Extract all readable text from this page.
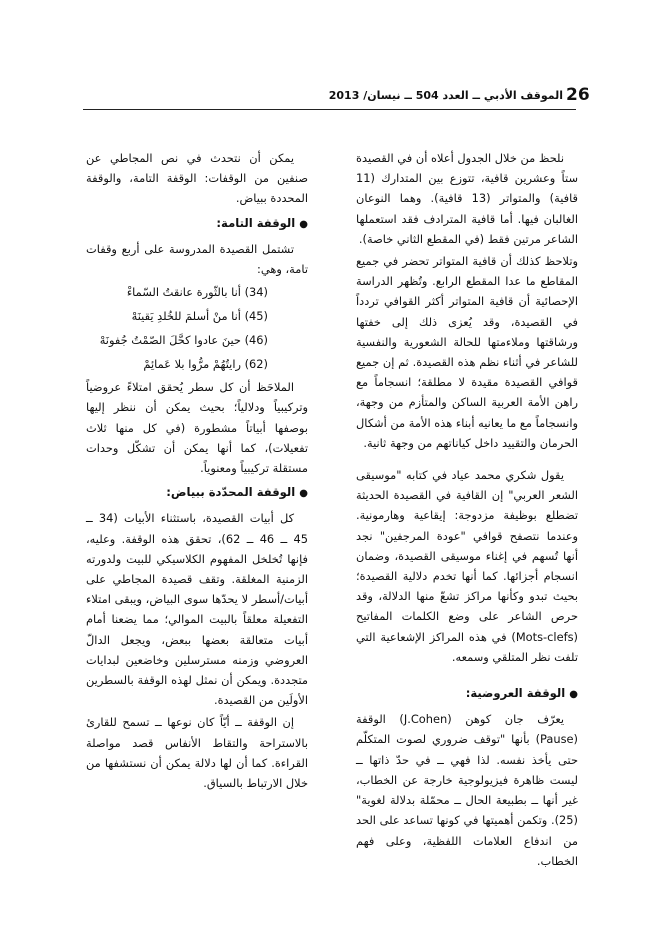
26
الموقف الأدبي ــ العدد 504 ــ نيسان/ 2013

نلحظ من خلال الجدول أعلاه أن في القصيدة ستاً وعشرين قافية، تتوزع بين المتدارك (11 قافية) والمتواتر (13 قافية). وهما النوعان الغالبان فيها. أما قافية المترادف فقد استعملها الشاعر مرتين فقط (في المقطع الثاني خاصة).

وتلاحظ كذلك أن قافية المتواتر تحضر في جميع المقاطع ما عدا المقطع الرابع. وتُظهر الدراسة الإحصائية أن قافية المتواتر أكثر القوافي تردداً في القصيدة، وقد يُعزى ذلك إلى خفتها ورشاقتها وملاءمتها للحالة الشعورية والنفسية للشاعر في أثناء نظم هذه القصيدة. ثم إن جميع قوافي القصيدة مقيدة لا مطلقة؛ انسجاماً مع راهن الأمة العربية الساكن والمتأزم من وجهة، وانسجاماً مع ما يعانيه أبناء هذه الأمة من أشكال الحرمان والتقييد داخل كياناتهم من وجهة ثانية.

يقول شكري محمد عياد في كتابه "موسيقى الشعر العربي" إن القافية في القصيدة الحديثة تضطلع بوظيفة مزدوجة: إيقاعية وهارمونية. وعندما نتصفح قوافي "عودة المرجفين" نجد أنها تُسهم في إغناء موسيقى القصيدة، وضمان انسجام أجزائها. كما أنها تخدم دلالية القصيدة؛ بحيث تبدو وكأنها مراكز تشعّ منها الدلالة، وقد حرص الشاعر على وضع الكلمات المفاتيح (Mots-clefs) في هذه المراكز الإشعاعية التي تلفت نظر المتلقي وسمعه.

●الوقفة العروضية:

يعرّف جان كوهن (J.Cohen) الوقفة (Pause) بأنها "توقف ضروري لصوت المتكلّم حتى يأخذ نفسه. لذا فهي ــ في حدّ ذاتها ــ ليست ظاهرة فيزيولوجية خارجة عن الخطاب، غير أنها ــ بطبيعة الحال ــ محمّلة بدلالة لغوية"(25). وتكمن أهميتها في كونها تساعد على الحد من اندفاع العلامات اللفظية، وعلى فهم الخطاب.

يمكن أن نتحدث في نص المجاطي عن صنفين من الوقفات: الوقفة التامة، والوقفة المحددة ببياض.

●الوقفة التامة:

تشتمل القصيدة المدروسة على أربع وقفات تامة، وهي:

(34) أنا بالثّورة عانقتُ السّماءْ
(45) أنا منْ أسلمَ للخُلدِ يَقينَهْ
(46) حينَ عادوا كحَّلَ الصّمْتُ جُفونَهْ
(62) رايتُهُمْ مرُّوا بلا عَمائِمْ

الملاحَظ أن كل سطر يُحقق امتلاءً عروضياً وتركيبياً ودلالياً؛ بحيث يمكن أن ننظر إليها بوصفها أبياتاً مشطورة (في كل منها ثلاث تفعيلات)، كما أنها يمكن أن تشكّل وحدات مستقلة تركيبياً ومعنوياً.

●الوقفة المحدّدة ببياض:

كل أبيات القصيدة، باستثناء الأبيات (34 ــ 45 ــ 46 ــ 62)، تحقق هذه الوقفة. وعليه، فإنها تُخلخل المفهوم الكلاسيكي للبيت ولدورته الزمنية المغلقة. وتقف قصيدة المجاطي على أبيات/أسطر لا يحدّها سوى البياض، ويبقى امتلاء التفعيلة معلقاً بالبيت الموالي؛ مما يضعنا أمام أبيات متعالقة بعضها ببعض، ويجعل الدالّ العروضي وزمنه مسترسلين وخاضعين لبدايات متجددة. ويمكن أن نمثل لهذه الوقفة بالسطرين الأولَين من القصيدة.

إن الوقفة ــ أيّاً كان نوعها ــ تسمح للقارئ بالاستراحة والتقاط الأنفاس قصد مواصلة القراءة. كما أن لها دلالة يمكن أن نستشفها من خلال الارتباط بالسياق.
